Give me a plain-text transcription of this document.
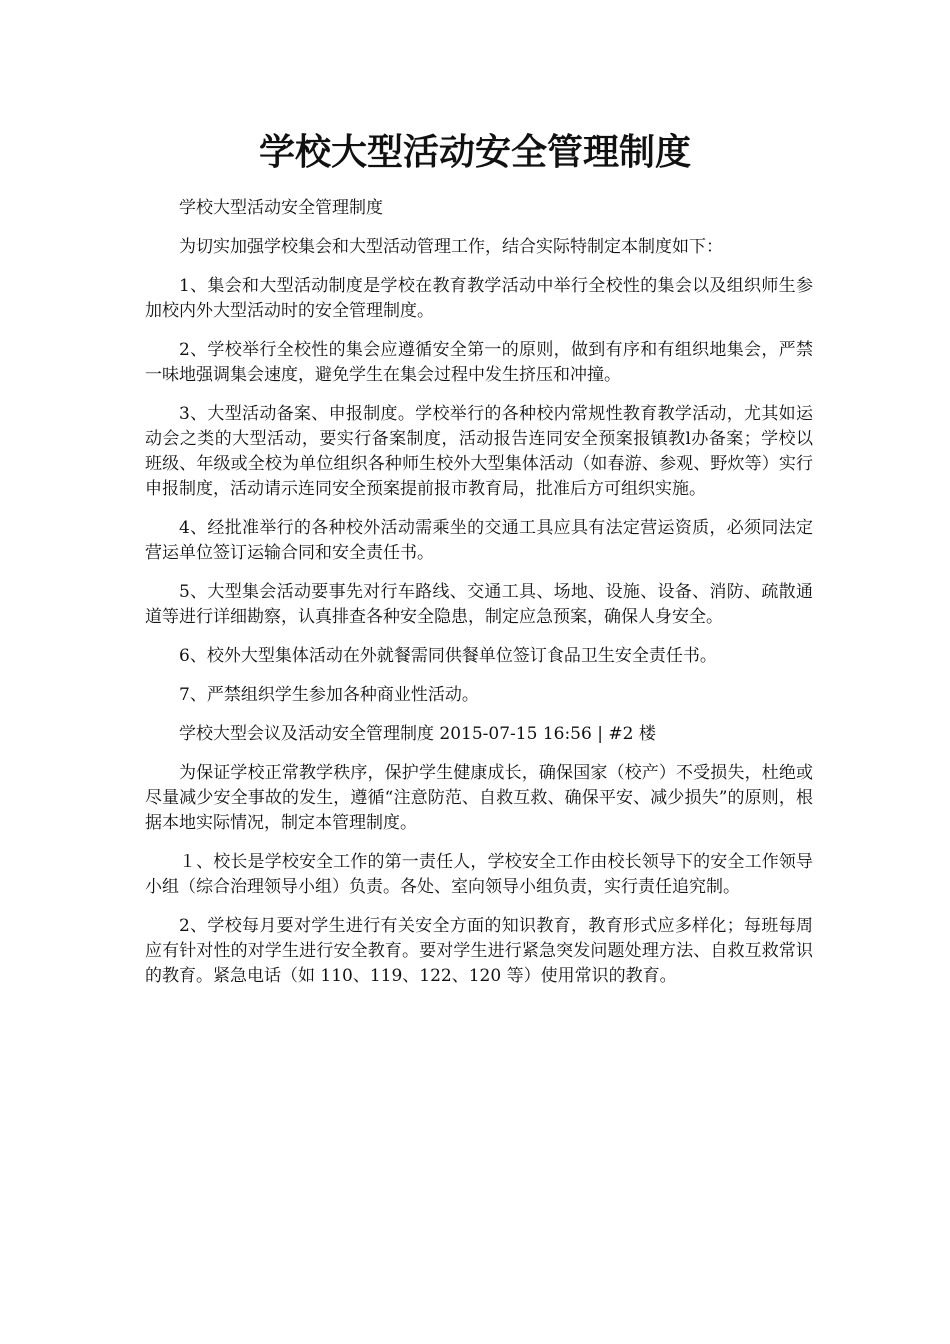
学校大型活动安全管理制度

学校大型活动安全管理制度

为切实加强学校集会和大型活动管理工作，结合实际特制定本制度如下：

1、集会和大型活动制度是学校在教育教学活动中举行全校性的集会以及组织师生参加校内外大型活动时的安全管理制度。

2、学校举行全校性的集会应遵循安全第一的原则，做到有序和有组织地集会，严禁一味地强调集会速度，避免学生在集会过程中发生挤压和冲撞。

3、大型活动备案、申报制度。学校举行的各种校内常规性教育教学活动，尤其如运动会之类的大型活动，要实行备案制度，活动报告连同安全预案报镇教l办备案；学校以班级、年级或全校为单位组织各种师生校外大型集体活动（如春游、参观、野炊等）实行申报制度，活动请示连同安全预案提前报市教育局，批准后方可组织实施。

4、经批准举行的各种校外活动需乘坐的交通工具应具有法定营运资质，必须同法定营运单位签订运输合同和安全责任书。

5、大型集会活动要事先对行车路线、交通工具、场地、设施、设备、消防、疏散通道等进行详细勘察，认真排查各种安全隐患，制定应急预案，确保人身安全。

6、校外大型集体活动在外就餐需同供餐单位签订食品卫生安全责任书。

7、严禁组织学生参加各种商业性活动。

学校大型会议及活动安全管理制度 2015-07-15 16:56 | #2 楼

为保证学校正常教学秩序，保护学生健康成长，确保国家（校产）不受损失，杜绝或尽量减少安全事故的发生，遵循“注意防范、自救互救、确保平安、减少损失”的原则，根据本地实际情况，制定本管理制度。

１、校长是学校安全工作的第一责任人，学校安全工作由校长领导下的安全工作领导小组（综合治理领导小组）负责。各处、室向领导小组负责，实行责任追究制。

2、学校每月要对学生进行有关安全方面的知识教育，教育形式应多样化；每班每周应有针对性的对学生进行安全教育。要对学生进行紧急突发问题处理方法、自救互救常识的教育。紧急电话（如 110、119、122、120 等）使用常识的教育。
